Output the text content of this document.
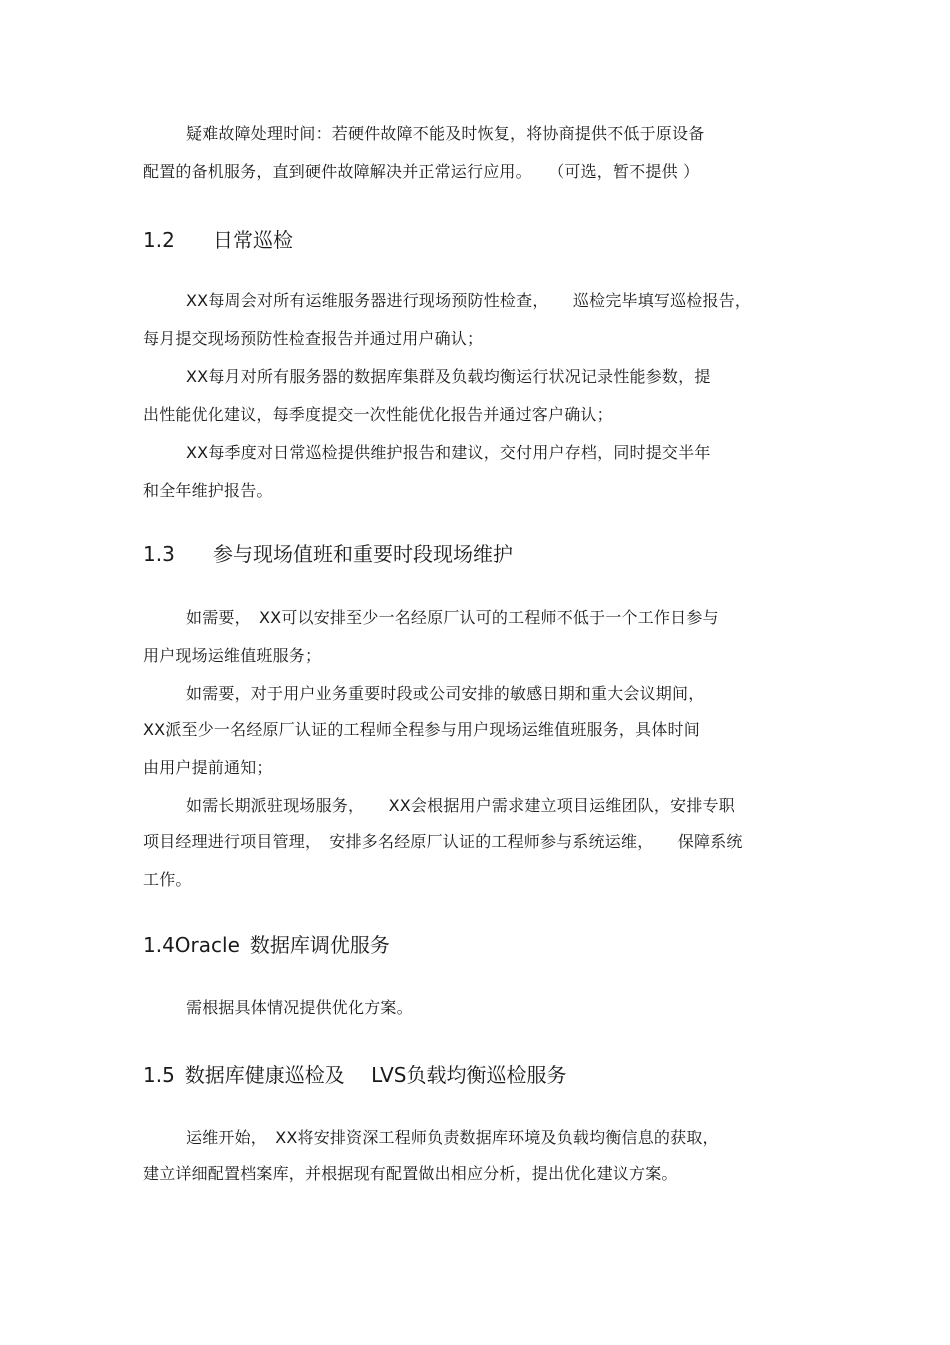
疑难故障处理时间：若硬件故障不能及时恢复，将协商提供不低于原设备
配置的备机服务，直到硬件故障解决并正常运行应用。　　（可选，暂不提供 ）
1.2 日常巡检
XX每周会对所有运维服务器进行现场预防性检查，　　巡检完毕填写巡检报告，
每月提交现场预防性检查报告并通过用户确认；
XX每月对所有服务器的数据库集群及负载均衡运行状况记录性能参数，提
出性能优化建议，每季度提交一次性能优化报告并通过客户确认；
XX每季度对日常巡检提供维护报告和建议，交付用户存档，同时提交半年
和全年维护报告。
1.3 参与现场值班和重要时段现场维护
如需要，　XX可以安排至少一名经原厂认可的工程师不低于一个工作日参与
用户现场运维值班服务；
如需要，对于用户业务重要时段或公司安排的敏感日期和重大会议期间，
XX派至少一名经原厂认证的工程师全程参与用户现场运维值班服务，具体时间
由用户提前通知；
如需长期派驻现场服务，　　XX会根据用户需求建立项目运维团队，安排专职
项目经理进行项目管理，　安排多名经原厂认证的工程师参与系统运维，　　保障系统
工作。
1.4Oracle 数据库调优服务
需根据具体情况提供优化方案。
1.5 数据库健康巡检及　 LVS负载均衡巡检服务
运维开始，　XX将安排资深工程师负责数据库环境及负载均衡信息的获取，
建立详细配置档案库，并根据现有配置做出相应分析，提出优化建议方案。
